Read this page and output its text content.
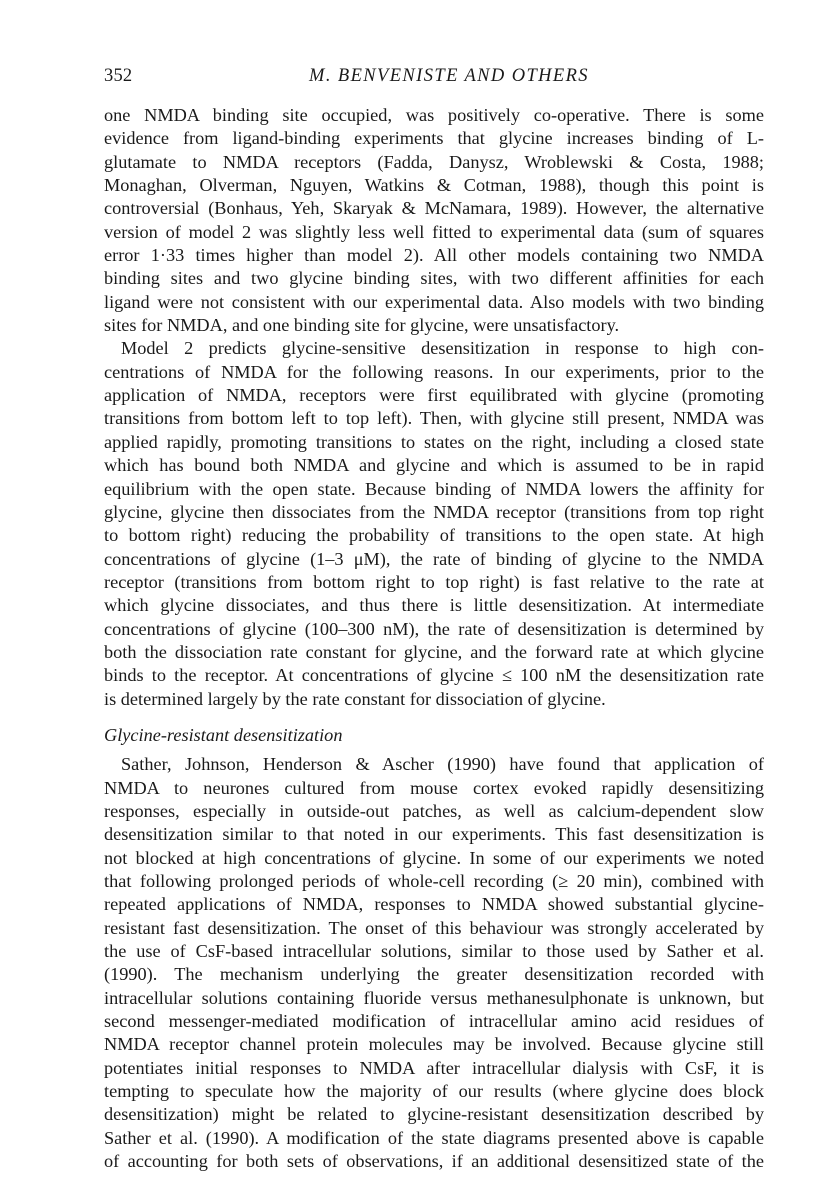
352	M. BENVENISTE AND OTHERS
one NMDA binding site occupied, was positively co-operative. There is some
evidence from ligand-binding experiments that glycine increases binding of L-
glutamate to NMDA receptors (Fadda, Danysz, Wroblewski & Costa, 1988;
Monaghan, Olverman, Nguyen, Watkins & Cotman, 1988), though this point is
controversial (Bonhaus, Yeh, Skaryak & McNamara, 1989). However, the alternative
version of model 2 was slightly less well fitted to experimental data (sum of squares
error 1·33 times higher than model 2). All other models containing two NMDA
binding sites and two glycine binding sites, with two different affinities for each
ligand were not consistent with our experimental data. Also models with two binding
sites for NMDA, and one binding site for glycine, were unsatisfactory.
Model 2 predicts glycine-sensitive desensitization in response to high con-
centrations of NMDA for the following reasons. In our experiments, prior to the
application of NMDA, receptors were first equilibrated with glycine (promoting
transitions from bottom left to top left). Then, with glycine still present, NMDA was
applied rapidly, promoting transitions to states on the right, including a closed state
which has bound both NMDA and glycine and which is assumed to be in rapid
equilibrium with the open state. Because binding of NMDA lowers the affinity for
glycine, glycine then dissociates from the NMDA receptor (transitions from top right
to bottom right) reducing the probability of transitions to the open state. At high
concentrations of glycine (1–3 μM), the rate of binding of glycine to the NMDA
receptor (transitions from bottom right to top right) is fast relative to the rate at
which glycine dissociates, and thus there is little desensitization. At intermediate
concentrations of glycine (100–300 nM), the rate of desensitization is determined by
both the dissociation rate constant for glycine, and the forward rate at which glycine
binds to the receptor. At concentrations of glycine ≤ 100 nM the desensitization rate
is determined largely by the rate constant for dissociation of glycine.
Glycine-resistant desensitization
Sather, Johnson, Henderson & Ascher (1990) have found that application of
NMDA to neurones cultured from mouse cortex evoked rapidly desensitizing
responses, especially in outside-out patches, as well as calcium-dependent slow
desensitization similar to that noted in our experiments. This fast desensitization is
not blocked at high concentrations of glycine. In some of our experiments we noted
that following prolonged periods of whole-cell recording (≥ 20 min), combined with
repeated applications of NMDA, responses to NMDA showed substantial glycine-
resistant fast desensitization. The onset of this behaviour was strongly accelerated by
the use of CsF-based intracellular solutions, similar to those used by Sather et al.
(1990). The mechanism underlying the greater desensitization recorded with
intracellular solutions containing fluoride versus methanesulphonate is unknown, but
second messenger-mediated modification of intracellular amino acid residues of
NMDA receptor channel protein molecules may be involved. Because glycine still
potentiates initial responses to NMDA after intracellular dialysis with CsF, it is
tempting to speculate how the majority of our results (where glycine does block
desensitization) might be related to glycine-resistant desensitization described by
Sather et al. (1990). A modification of the state diagrams presented above is capable
of accounting for both sets of observations, if an additional desensitized state of the
